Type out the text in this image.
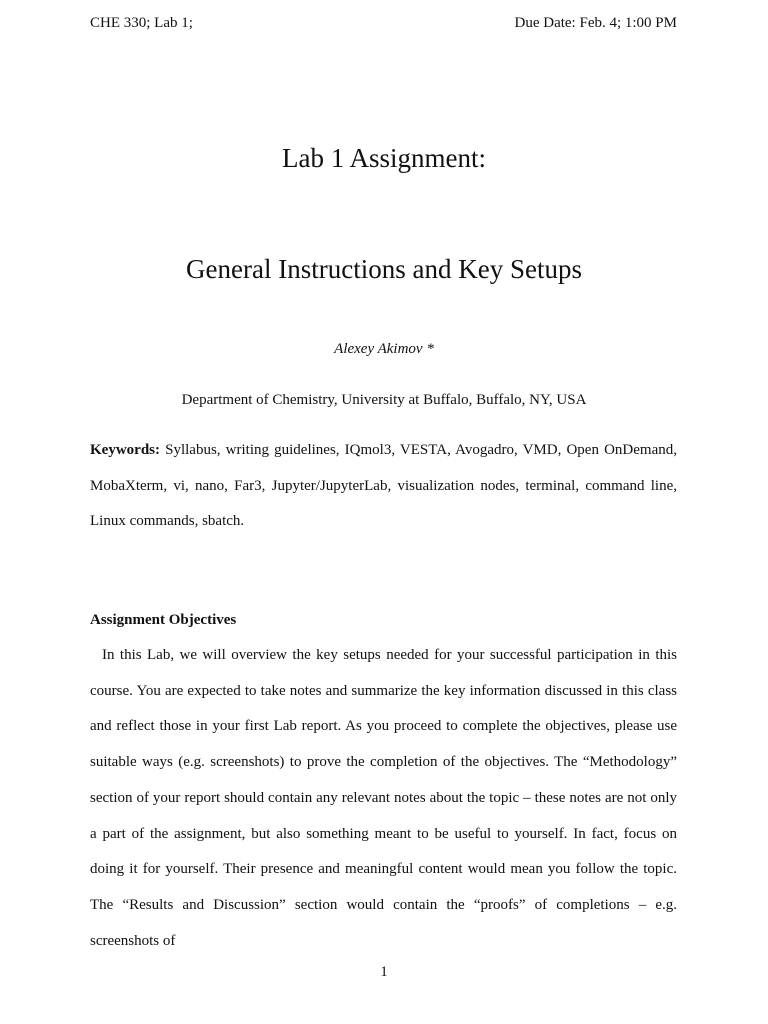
CHE 330; Lab 1;	Due Date: Feb. 4; 1:00 PM
Lab 1 Assignment:
General Instructions and Key Setups
Alexey Akimov *
Department of Chemistry, University at Buffalo, Buffalo, NY, USA

Keywords: Syllabus, writing guidelines, IQmol3, VESTA, Avogadro, VMD, Open OnDemand, MobaXterm, vi, nano, Far3, Jupyter/JupyterLab, visualization nodes, terminal, command line, Linux commands, sbatch.

Assignment Objectives

In this Lab, we will overview the key setups needed for your successful participation in this course. You are expected to take notes and summarize the key information discussed in this class and reflect those in your first Lab report. As you proceed to complete the objectives, please use suitable ways (e.g. screenshots) to prove the completion of the objectives. The “Methodology” section of your report should contain any relevant notes about the topic – these notes are not only a part of the assignment, but also something meant to be useful to yourself. In fact, focus on doing it for yourself. Their presence and meaningful content would mean you follow the topic. The “Results and Discussion” section would contain the “proofs” of completions – e.g. screenshots of

1
